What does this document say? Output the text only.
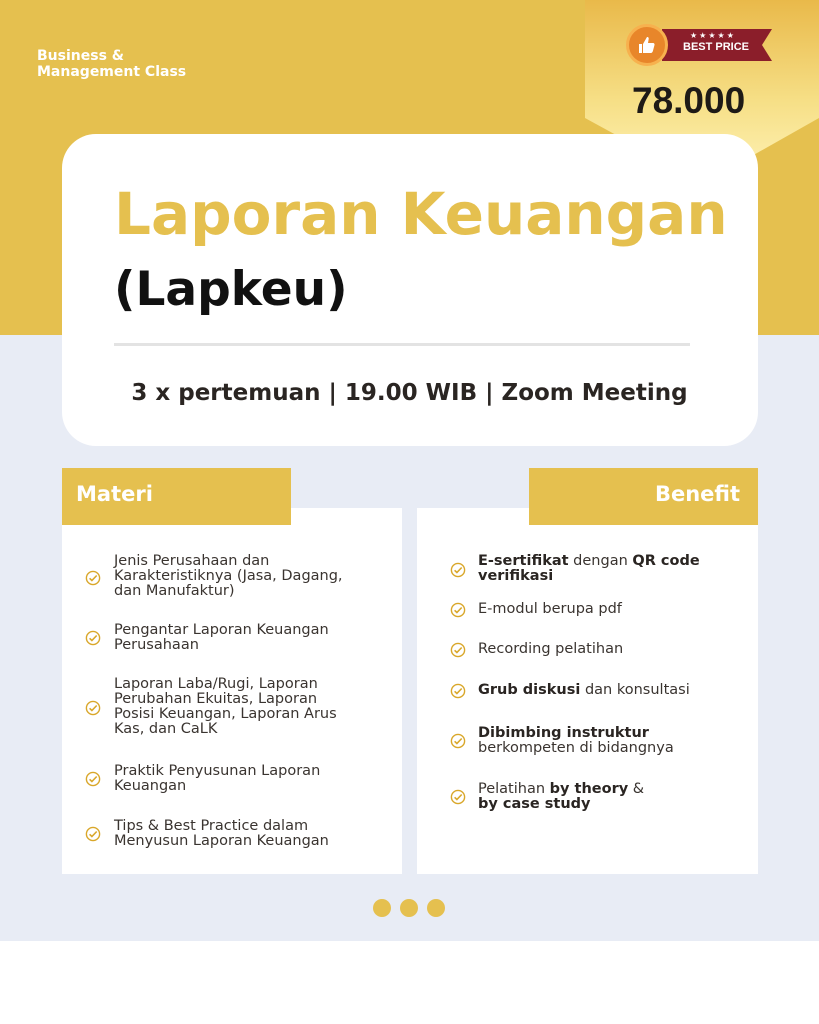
Business &
Management Class
★★★★★
BEST PRICE
78.000
Laporan Keuangan
(Lapkeu)
3 x pertemuan | 19.00 WIB | Zoom Meeting
Materi	Benefit
Jenis Perusahaan dan
Karakteristiknya (Jasa, Dagang,
dan Manufaktur)
Pengantar Laporan Keuangan
Perusahaan
Laporan Laba/Rugi, Laporan
Perubahan Ekuitas, Laporan
Posisi Keuangan, Laporan Arus
Kas, dan CaLK
Praktik Penyusunan Laporan
Keuangan
Tips & Best Practice dalam
Menyusun Laporan Keuangan
E-sertifikat dengan QR code
verifikasi
E-modul berupa pdf
Recording pelatihan
Grub diskusi dan konsultasi
Dibimbing instruktur
berkompeten di bidangnya
Pelatihan by theory &
by case study
